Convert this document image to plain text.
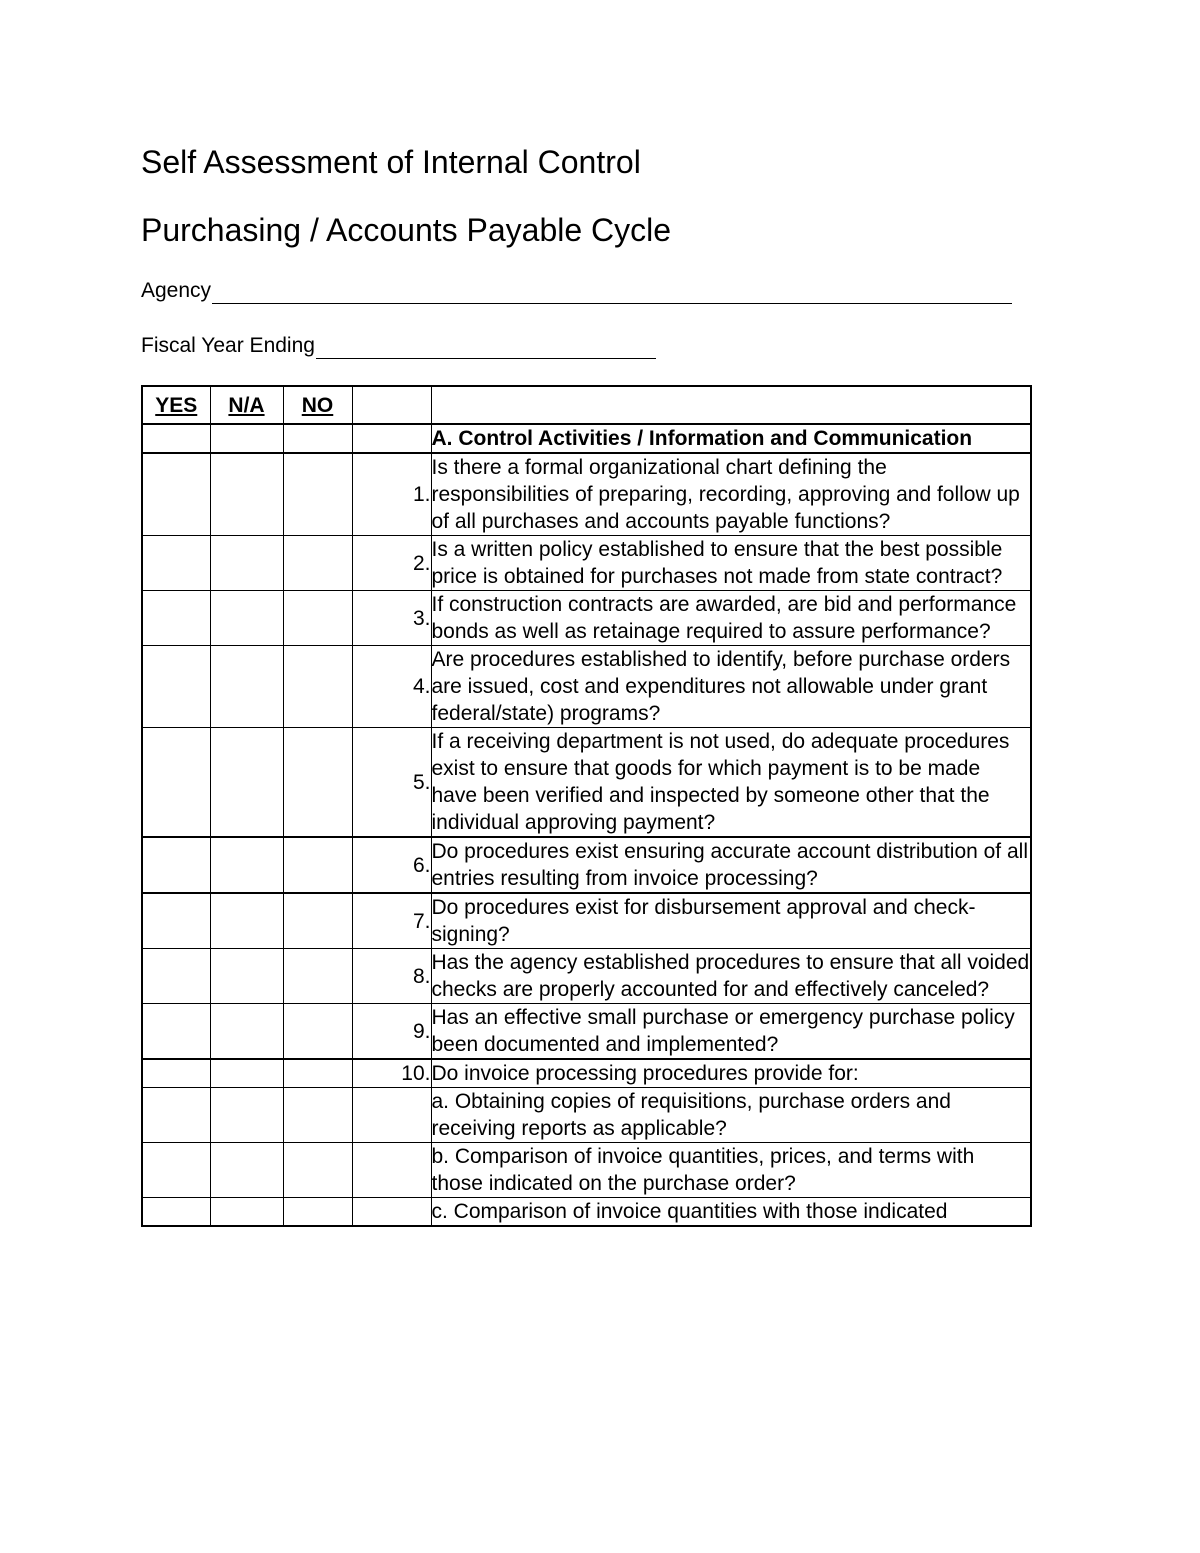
Self Assessment of Internal Control
Purchasing / Accounts Payable Cycle
Agency
Fiscal Year Ending
YES	N/A	NO		
				A. Control Activities / Information and Communication
			1.	Is there a formal organizational chart defining the responsibilities of preparing, recording, approving and follow up of all purchases and accounts payable functions?
			2.	Is a written policy established to ensure that the best possible price is obtained for purchases not made from state contract?
			3.	If construction contracts are awarded, are bid and performance bonds as well as retainage required to assure performance?
			4.	Are procedures established to identify, before purchase orders are issued, cost and expenditures not allowable under grant federal/state) programs?
			5.	If a receiving department is not used, do adequate procedures exist to ensure that goods for which payment is to be made have been verified and inspected by someone other that the individual approving payment?
			6.	Do procedures exist ensuring accurate account distribution of all entries resulting from invoice processing?
			7.	Do procedures exist for disbursement approval and check-signing?
			8.	Has the agency established procedures to ensure that all voided checks are properly accounted for and effectively canceled?
			9.	Has an effective small purchase or emergency purchase policy been documented and implemented?
			10.	Do invoice processing procedures provide for:
				a. Obtaining copies of requisitions, purchase orders and receiving reports as applicable?
				b. Comparison of invoice quantities, prices, and terms with those indicated on the purchase order?
				c. Comparison of invoice quantities with those indicated
